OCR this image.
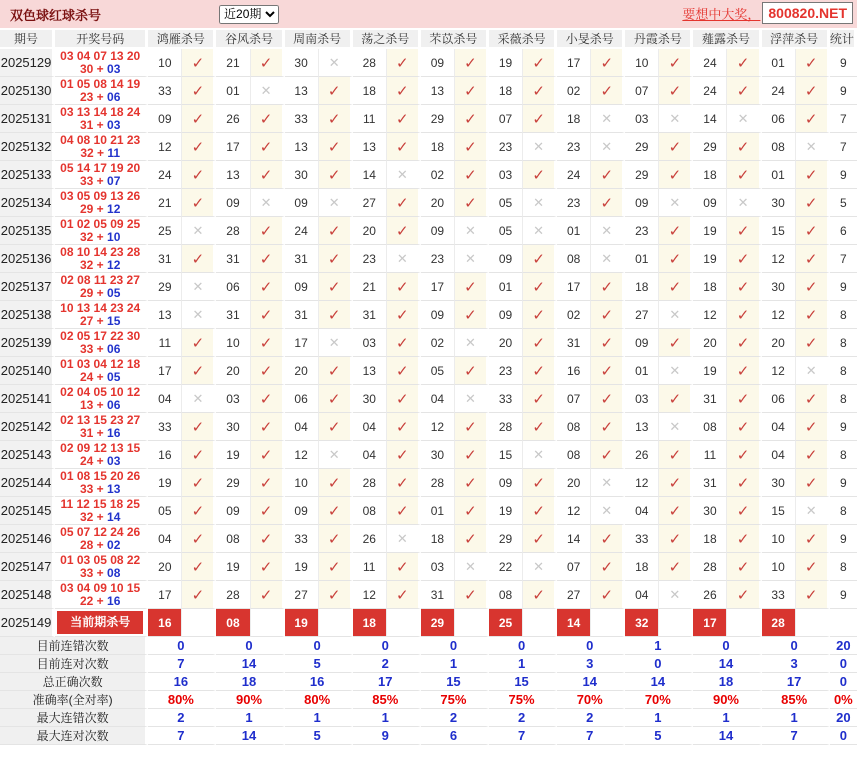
双色球红球杀号
近20期	要想中大奖， 800820.NET
期号	开奖号码	鸿雁杀号		谷风杀号		周南杀号		荡之杀号		芣苡杀号		采薇杀号		小旻杀号		丹霞杀号		薤露杀号		浮萍杀号		统计
2025129	03 04 07 13 20
30 + 03	10	✓	21	✓	30	✕	28	✓	09	✓	19	✓	17	✓	10	✓	24	✓	01	✓	9
2025130	01 05 08 14 19
23 + 06	33	✓	01	✕	13	✓	18	✓	13	✓	18	✓	02	✓	07	✓	24	✓	24	✓	9
2025131	03 13 14 18 24
31 + 03	09	✓	26	✓	33	✓	11	✓	29	✓	07	✓	18	✕	03	✕	14	✕	06	✓	7
2025132	04 08 10 21 23
32 + 11	12	✓	17	✓	13	✓	13	✓	18	✓	23	✕	23	✕	29	✓	29	✓	08	✕	7
2025133	05 14 17 19 20
33 + 07	24	✓	13	✓	30	✓	14	✕	02	✓	03	✓	24	✓	29	✓	18	✓	01	✓	9
2025134	03 05 09 13 26
29 + 12	21	✓	09	✕	09	✕	27	✓	20	✓	05	✕	23	✓	09	✕	09	✕	30	✓	5
2025135	01 02 05 09 25
32 + 10	25	✕	28	✓	24	✓	20	✓	09	✕	05	✕	01	✕	23	✓	19	✓	15	✓	6
2025136	08 10 14 23 28
32 + 12	31	✓	31	✓	31	✓	23	✕	23	✕	09	✓	08	✕	01	✓	19	✓	12	✓	7
2025137	02 08 11 23 27
29 + 05	29	✕	06	✓	09	✓	21	✓	17	✓	01	✓	17	✓	18	✓	18	✓	30	✓	9
2025138	10 13 14 23 24
27 + 15	13	✕	31	✓	31	✓	31	✓	09	✓	09	✓	02	✓	27	✕	12	✓	12	✓	8
2025139	02 05 17 22 30
33 + 06	11	✓	10	✓	17	✕	03	✓	02	✕	20	✓	31	✓	09	✓	20	✓	20	✓	8
2025140	01 03 04 12 18
24 + 05	17	✓	20	✓	20	✓	13	✓	05	✓	23	✓	16	✓	01	✕	19	✓	12	✕	8
2025141	02 04 05 10 12
13 + 06	04	✕	03	✓	06	✓	30	✓	04	✕	33	✓	07	✓	03	✓	31	✓	06	✓	8
2025142	02 13 15 23 27
31 + 16	33	✓	30	✓	04	✓	04	✓	12	✓	28	✓	08	✓	13	✕	08	✓	04	✓	9
2025143	02 09 12 13 15
24 + 03	16	✓	19	✓	12	✕	04	✓	30	✓	15	✕	08	✓	26	✓	11	✓	04	✓	8
2025144	01 08 15 20 26
33 + 13	19	✓	29	✓	10	✓	28	✓	28	✓	09	✓	20	✕	12	✓	31	✓	30	✓	9
2025145	11 12 15 18 25
32 + 14	05	✓	09	✓	09	✓	08	✓	01	✓	19	✓	12	✕	04	✓	30	✓	15	✕	8
2025146	05 07 12 24 26
28 + 02	04	✓	08	✓	33	✓	26	✕	18	✓	29	✓	14	✓	33	✓	18	✓	10	✓	9
2025147	01 03 05 08 22
33 + 08	20	✓	19	✓	19	✓	11	✓	03	✕	22	✕	07	✓	18	✓	28	✓	10	✓	8
2025148	03 04 09 10 15
22 + 16	17	✓	28	✓	27	✓	12	✓	31	✓	08	✓	27	✓	04	✕	26	✓	33	✓	9
2025149	当前期杀号	16		08		19		18		29		25		14		32		17		28		
目前连错次数		0		0		0		0		0		0		0		1		0		0		20
目前连对次数		7		14		5		2		1		1		3		0		14		3		0
总正确次数		16		18		16		17		15		15		14		14		18		17		0
准确率(全对率)		80%		90%		80%		85%		75%		75%		70%		70%		90%		85%		0%
最大连错次数		2		1		1		1		2		2		2		1		1		1		20
最大连对次数		7		14		5		9		6		7		7		5		14		7		0
